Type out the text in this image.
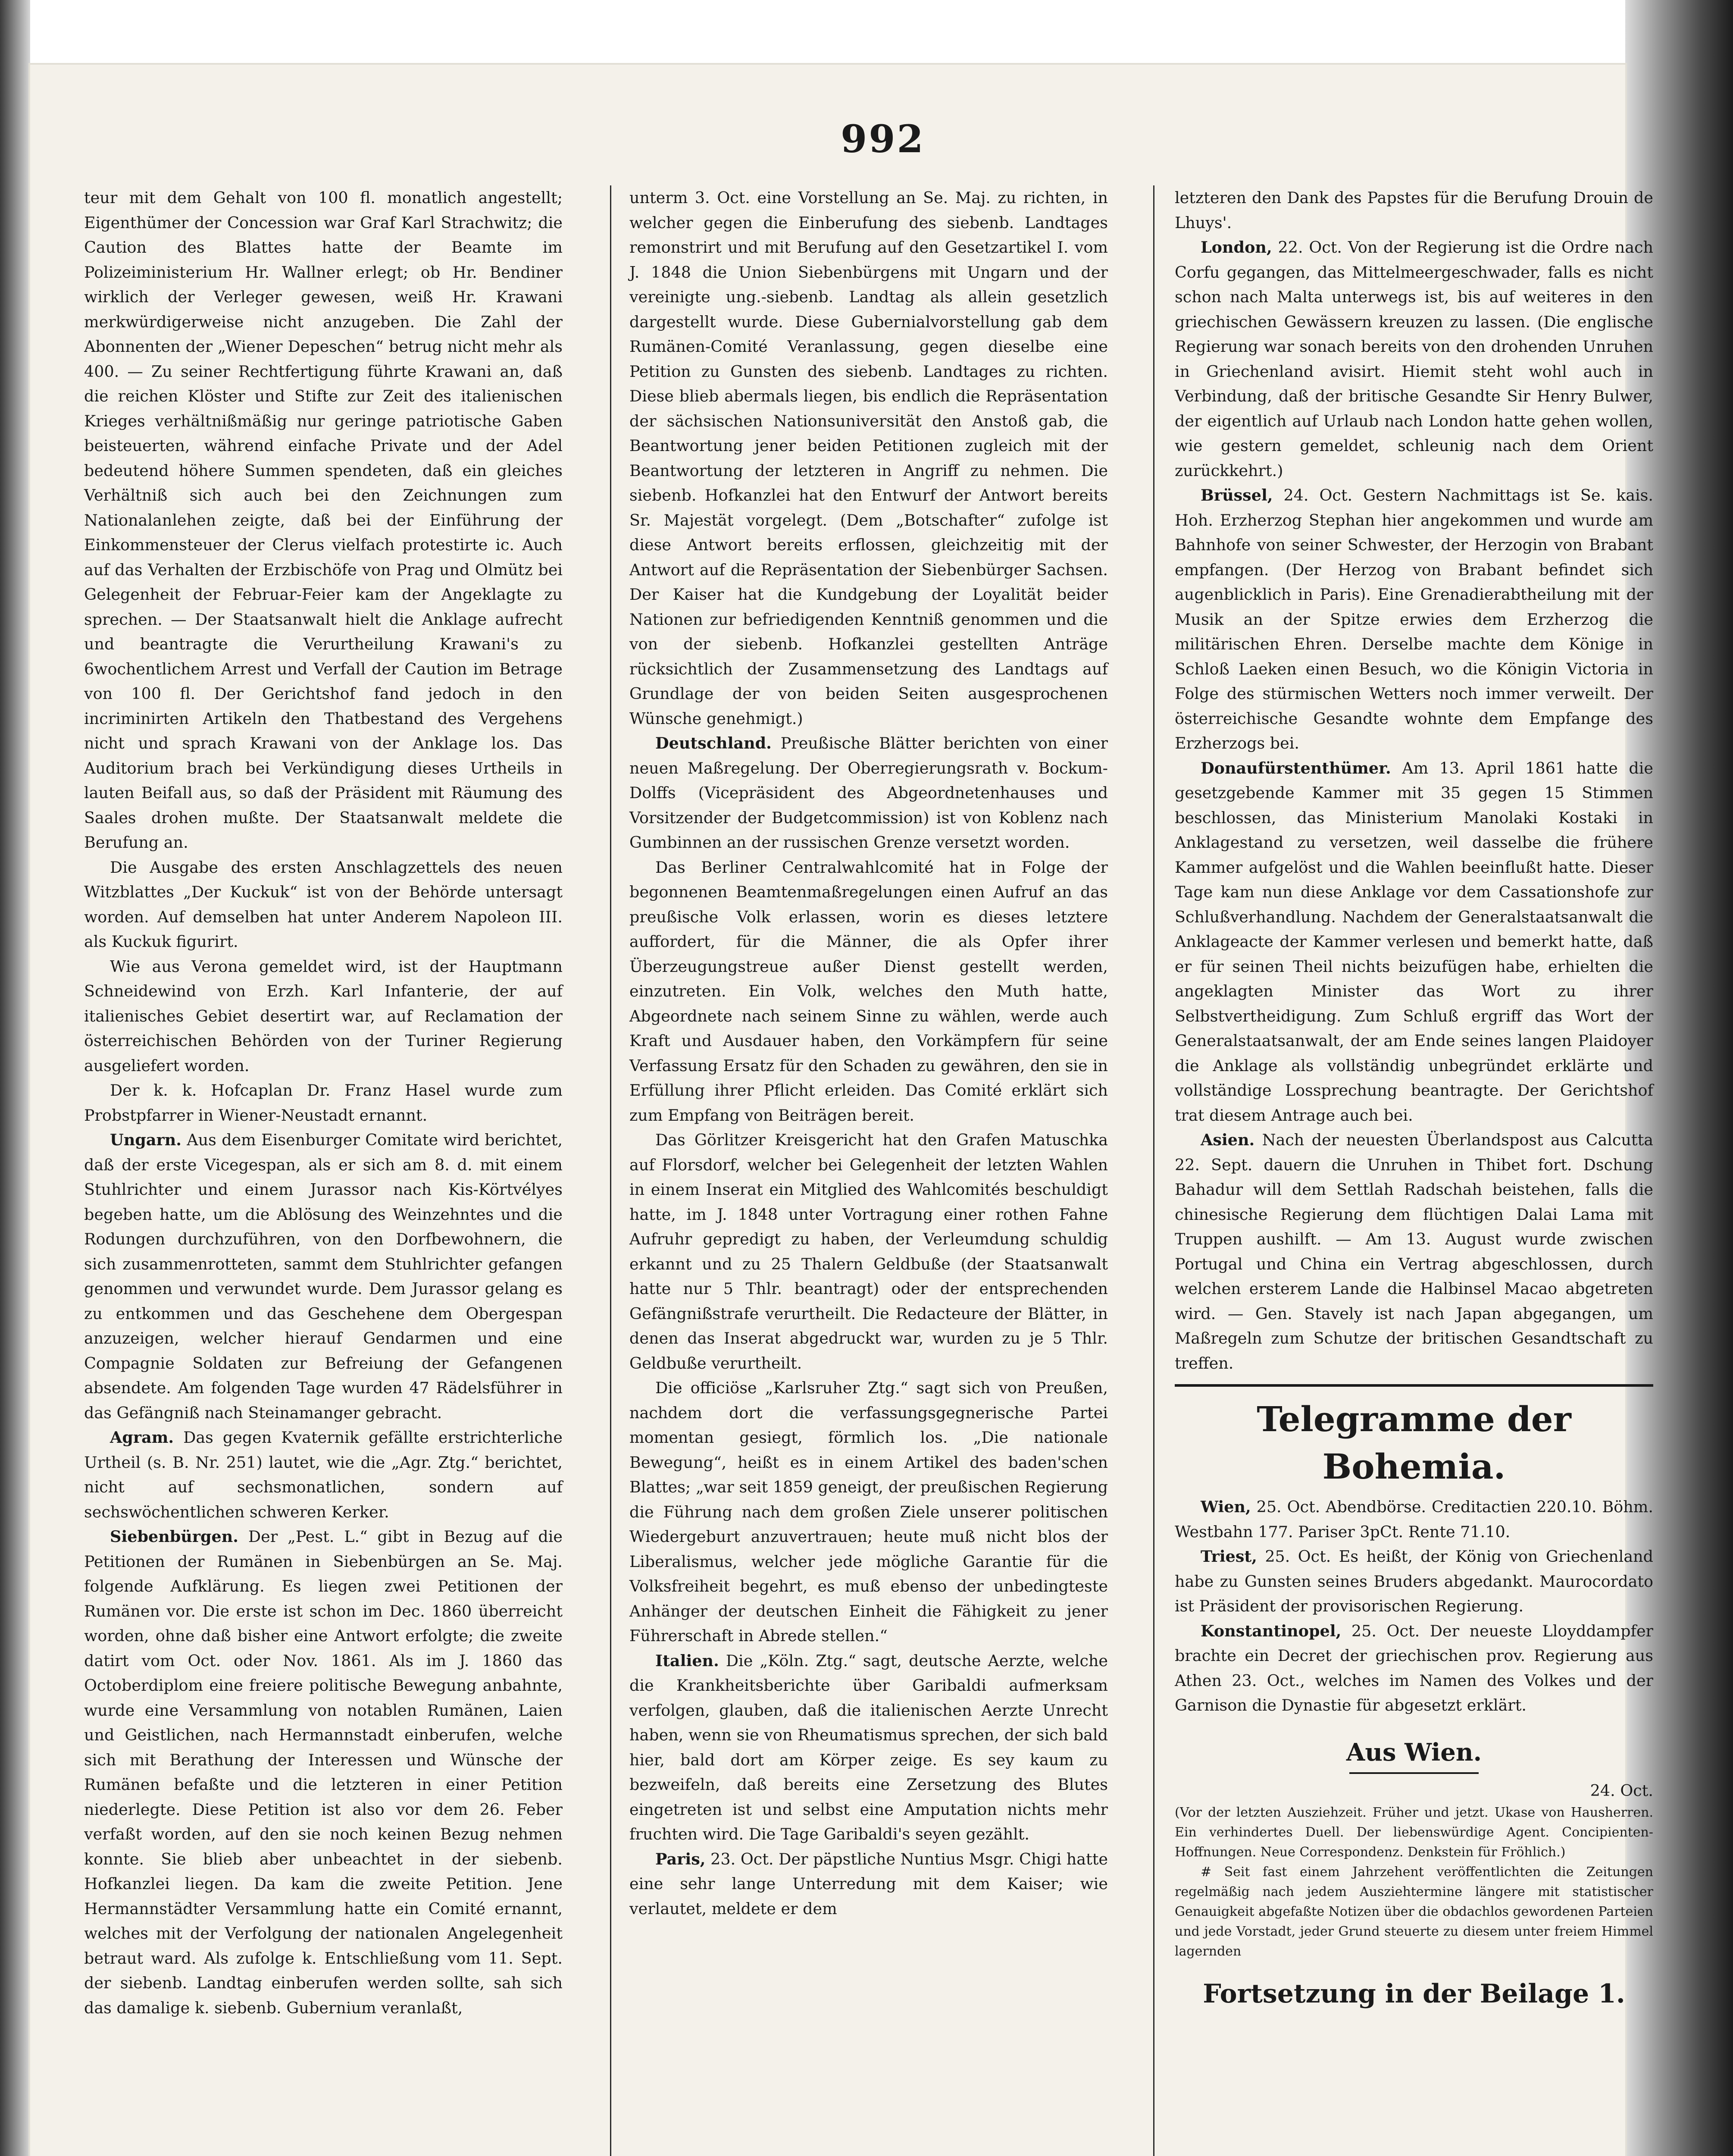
992

teur mit dem Gehalt von 100 fl. monatlich angestellt; Eigenthümer der Concession war Graf Karl Strachwitz; die Caution des Blattes hatte der Beamte im Polizeiministerium Hr. Wallner erlegt; ob Hr. Bendiner wirklich der Verleger gewesen, weiß Hr. Krawani merkwürdigerweise nicht anzugeben. Die Zahl der Abonnenten der „Wiener Depeschen“ betrug nicht mehr als 400. — Zu seiner Rechtfertigung führte Krawani an, daß die reichen Klöster und Stifte zur Zeit des italienischen Krieges verhältnißmäßig nur geringe patriotische Gaben beisteuerten, während einfache Private und der Adel bedeutend höhere Summen spendeten, daß ein gleiches Verhältniß sich auch bei den Zeichnungen zum Nationalanlehen zeigte, daß bei der Einführung der Einkommensteuer der Clerus vielfach protestirte ic. Auch auf das Verhalten der Erzbischöfe von Prag und Olmütz bei Gelegenheit der Februar-Feier kam der Angeklagte zu sprechen. — Der Staatsanwalt hielt die Anklage aufrecht und beantragte die Verurtheilung Krawani's zu 6wochentlichem Arrest und Verfall der Caution im Betrage von 100 fl. Der Gerichtshof fand jedoch in den incriminirten Artikeln den Thatbestand des Vergehens nicht und sprach Krawani von der Anklage los. Das Auditorium brach bei Verkündigung dieses Urtheils in lauten Beifall aus, so daß der Präsident mit Räumung des Saales drohen mußte. Der Staatsanwalt meldete die Berufung an.

Die Ausgabe des ersten Anschlagzettels des neuen Witzblattes „Der Kuckuk“ ist von der Behörde untersagt worden. Auf demselben hat unter Anderem Napoleon III. als Kuckuk figurirt.

Wie aus Verona gemeldet wird, ist der Hauptmann Schneidewind von Erzh. Karl Infanterie, der auf italienisches Gebiet desertirt war, auf Reclamation der österreichischen Behörden von der Turiner Regierung ausgeliefert worden.

Der k. k. Hofcaplan Dr. Franz Hasel wurde zum Probstpfarrer in Wiener-Neustadt ernannt.

Ungarn. Aus dem Eisenburger Comitate wird berichtet, daß der erste Vicegespan, als er sich am 8. d. mit einem Stuhlrichter und einem Jurassor nach Kis-Körtvélyes begeben hatte, um die Ablösung des Weinzehntes und die Rodungen durchzuführen, von den Dorfbewohnern, die sich zusammenrotteten, sammt dem Stuhlrichter gefangen genommen und verwundet wurde. Dem Jurassor gelang es zu entkommen und das Geschehene dem Obergespan anzuzeigen, welcher hierauf Gendarmen und eine Compagnie Soldaten zur Befreiung der Gefangenen absendete. Am folgenden Tage wurden 47 Rädelsführer in das Gefängniß nach Steinamanger gebracht.

Agram. Das gegen Kvaternik gefällte erstrichterliche Urtheil (s. B. Nr. 251) lautet, wie die „Agr. Ztg.“ berichtet, nicht auf sechsmonatlichen, sondern auf sechswöchentlichen schweren Kerker.

Siebenbürgen. Der „Pest. L.“ gibt in Bezug auf die Petitionen der Rumänen in Siebenbürgen an Se. Maj. folgende Aufklärung. Es liegen zwei Petitionen der Rumänen vor. Die erste ist schon im Dec. 1860 überreicht worden, ohne daß bisher eine Antwort erfolgte; die zweite datirt vom Oct. oder Nov. 1861. Als im J. 1860 das Octoberdiplom eine freiere politische Bewegung anbahnte, wurde eine Versammlung von notablen Rumänen, Laien und Geistlichen, nach Hermannstadt einberufen, welche sich mit Berathung der Interessen und Wünsche der Rumänen befaßte und die letzteren in einer Petition niederlegte. Diese Petition ist also vor dem 26. Feber verfaßt worden, auf den sie noch keinen Bezug nehmen konnte. Sie blieb aber unbeachtet in der siebenb. Hofkanzlei liegen. Da kam die zweite Petition. Jene Hermannstädter Versammlung hatte ein Comité ernannt, welches mit der Verfolgung der nationalen Angelegenheit betraut ward. Als zufolge k. Entschließung vom 11. Sept. der siebenb. Landtag einberufen werden sollte, sah sich das damalige k. siebenb. Gubernium veranlaßt,

unterm 3. Oct. eine Vorstellung an Se. Maj. zu richten, in welcher gegen die Einberufung des siebenb. Landtages remonstrirt und mit Berufung auf den Gesetzartikel I. vom J. 1848 die Union Siebenbürgens mit Ungarn und der vereinigte ung.-siebenb. Landtag als allein gesetzlich dargestellt wurde. Diese Gubernialvorstellung gab dem Rumänen-Comité Veranlassung, gegen dieselbe eine Petition zu Gunsten des siebenb. Landtages zu richten. Diese blieb abermals liegen, bis endlich die Repräsentation der sächsischen Nationsuniversität den Anstoß gab, die Beantwortung jener beiden Petitionen zugleich mit der Beantwortung der letzteren in Angriff zu nehmen. Die siebenb. Hofkanzlei hat den Entwurf der Antwort bereits Sr. Majestät vorgelegt. (Dem „Botschafter“ zufolge ist diese Antwort bereits erflossen, gleichzeitig mit der Antwort auf die Repräsentation der Siebenbürger Sachsen. Der Kaiser hat die Kundgebung der Loyalität beider Nationen zur befriedigenden Kenntniß genommen und die von der siebenb. Hofkanzlei gestellten Anträge rücksichtlich der Zusammensetzung des Landtags auf Grundlage der von beiden Seiten ausgesprochenen Wünsche genehmigt.)

Deutschland. Preußische Blätter berichten von einer neuen Maßregelung. Der Oberregierungsrath v. Bockum-Dolffs (Vicepräsident des Abgeordnetenhauses und Vorsitzender der Budgetcommission) ist von Koblenz nach Gumbinnen an der russischen Grenze versetzt worden.

Das Berliner Centralwahlcomité hat in Folge der begonnenen Beamtenmaßregelungen einen Aufruf an das preußische Volk erlassen, worin es dieses letztere auffordert, für die Männer, die als Opfer ihrer Überzeugungstreue außer Dienst gestellt werden, einzutreten. Ein Volk, welches den Muth hatte, Abgeordnete nach seinem Sinne zu wählen, werde auch Kraft und Ausdauer haben, den Vorkämpfern für seine Verfassung Ersatz für den Schaden zu gewähren, den sie in Erfüllung ihrer Pflicht erleiden. Das Comité erklärt sich zum Empfang von Beiträgen bereit.

Das Görlitzer Kreisgericht hat den Grafen Matuschka auf Florsdorf, welcher bei Gelegenheit der letzten Wahlen in einem Inserat ein Mitglied des Wahlcomités beschuldigt hatte, im J. 1848 unter Vortragung einer rothen Fahne Aufruhr gepredigt zu haben, der Verleumdung schuldig erkannt und zu 25 Thalern Geldbuße (der Staatsanwalt hatte nur 5 Thlr. beantragt) oder der entsprechenden Gefängnißstrafe verurtheilt. Die Redacteure der Blätter, in denen das Inserat abgedruckt war, wurden zu je 5 Thlr. Geldbuße verurtheilt.

Die officiöse „Karlsruher Ztg.“ sagt sich von Preußen, nachdem dort die verfassungsgegnerische Partei momentan gesiegt, förmlich los. „Die nationale Bewegung“, heißt es in einem Artikel des baden'schen Blattes; „war seit 1859 geneigt, der preußischen Regierung die Führung nach dem großen Ziele unserer politischen Wiedergeburt anzuvertrauen; heute muß nicht blos der Liberalismus, welcher jede mögliche Garantie für die Volksfreiheit begehrt, es muß ebenso der unbedingteste Anhänger der deutschen Einheit die Fähigkeit zu jener Führerschaft in Abrede stellen.“

Italien. Die „Köln. Ztg.“ sagt, deutsche Aerzte, welche die Krankheitsberichte über Garibaldi aufmerksam verfolgen, glauben, daß die italienischen Aerzte Unrecht haben, wenn sie von Rheumatismus sprechen, der sich bald hier, bald dort am Körper zeige. Es sey kaum zu bezweifeln, daß bereits eine Zersetzung des Blutes eingetreten ist und selbst eine Amputation nichts mehr fruchten wird. Die Tage Garibaldi's seyen gezählt.

Paris, 23. Oct. Der päpstliche Nuntius Msgr. Chigi hatte eine sehr lange Unterredung mit dem Kaiser; wie verlautet, meldete er dem

letzteren den Dank des Papstes für die Berufung Drouin de Lhuys'.

London, 22. Oct. Von der Regierung ist die Ordre nach Corfu gegangen, das Mittelmeergeschwader, falls es nicht schon nach Malta unterwegs ist, bis auf weiteres in den griechischen Gewässern kreuzen zu lassen. (Die englische Regierung war sonach bereits von den drohenden Unruhen in Griechenland avisirt. Hiemit steht wohl auch in Verbindung, daß der britische Gesandte Sir Henry Bulwer, der eigentlich auf Urlaub nach London hatte gehen wollen, wie gestern gemeldet, schleunig nach dem Orient zurückkehrt.)

Brüssel, 24. Oct. Gestern Nachmittags ist Se. kais. Hoh. Erzherzog Stephan hier angekommen und wurde am Bahnhofe von seiner Schwester, der Herzogin von Brabant empfangen. (Der Herzog von Brabant befindet sich augenblicklich in Paris). Eine Grenadierabtheilung mit der Musik an der Spitze erwies dem Erzherzog die militärischen Ehren. Derselbe machte dem Könige in Schloß Laeken einen Besuch, wo die Königin Victoria in Folge des stürmischen Wetters noch immer verweilt. Der österreichische Gesandte wohnte dem Empfange des Erzherzogs bei.

Donaufürstenthümer. Am 13. April 1861 hatte die gesetzgebende Kammer mit 35 gegen 15 Stimmen beschlossen, das Ministerium Manolaki Kostaki in Anklagestand zu versetzen, weil dasselbe die frühere Kammer aufgelöst und die Wahlen beeinflußt hatte. Dieser Tage kam nun diese Anklage vor dem Cassationshofe zur Schlußverhandlung. Nachdem der Generalstaatsanwalt die Anklageacte der Kammer verlesen und bemerkt hatte, daß er für seinen Theil nichts beizufügen habe, erhielten die angeklagten Minister das Wort zu ihrer Selbstvertheidigung. Zum Schluß ergriff das Wort der Generalstaatsanwalt, der am Ende seines langen Plaidoyer die Anklage als vollständig unbegründet erklärte und vollständige Lossprechung beantragte. Der Gerichtshof trat diesem Antrage auch bei.

Asien. Nach der neuesten Überlandspost aus Calcutta 22. Sept. dauern die Unruhen in Thibet fort. Dschung Bahadur will dem Settlah Radschah beistehen, falls die chinesische Regierung dem flüchtigen Dalai Lama mit Truppen aushilft. — Am 13. August wurde zwischen Portugal und China ein Vertrag abgeschlossen, durch welchen ersterem Lande die Halbinsel Macao abgetreten wird. — Gen. Stavely ist nach Japan abgegangen, um Maßregeln zum Schutze der britischen Gesandtschaft zu treffen.

Telegramme der Bohemia.

Wien, 25. Oct. Abendbörse. Creditactien 220.10. Böhm. Westbahn 177. Pariser 3pCt. Rente 71.10.

Triest, 25. Oct. Es heißt, der König von Griechenland habe zu Gunsten seines Bruders abgedankt. Maurocordato ist Präsident der provisorischen Regierung.

Konstantinopel, 25. Oct. Der neueste Lloyddampfer brachte ein Decret der griechischen prov. Regierung aus Athen 23. Oct., welches im Namen des Volkes und der Garnison die Dynastie für abgesetzt erklärt.

Aus Wien.

24. Oct.

(Vor der letzten Ausziehzeit. Früher und jetzt. Ukase von Hausherren. Ein verhindertes Duell. Der liebenswürdige Agent. Concipienten-Hoffnungen. Neue Correspondenz. Denkstein für Fröhlich.)

# Seit fast einem Jahrzehent veröffentlichten die Zeitungen regelmäßig nach jedem Ausziehtermine längere mit statistischer Genauigkeit abgefaßte Notizen über die obdachlos gewordenen Parteien und jede Vorstadt, jeder Grund steuerte zu diesem unter freiem Himmel lagernden

Fortsetzung in der Beilage 1.
